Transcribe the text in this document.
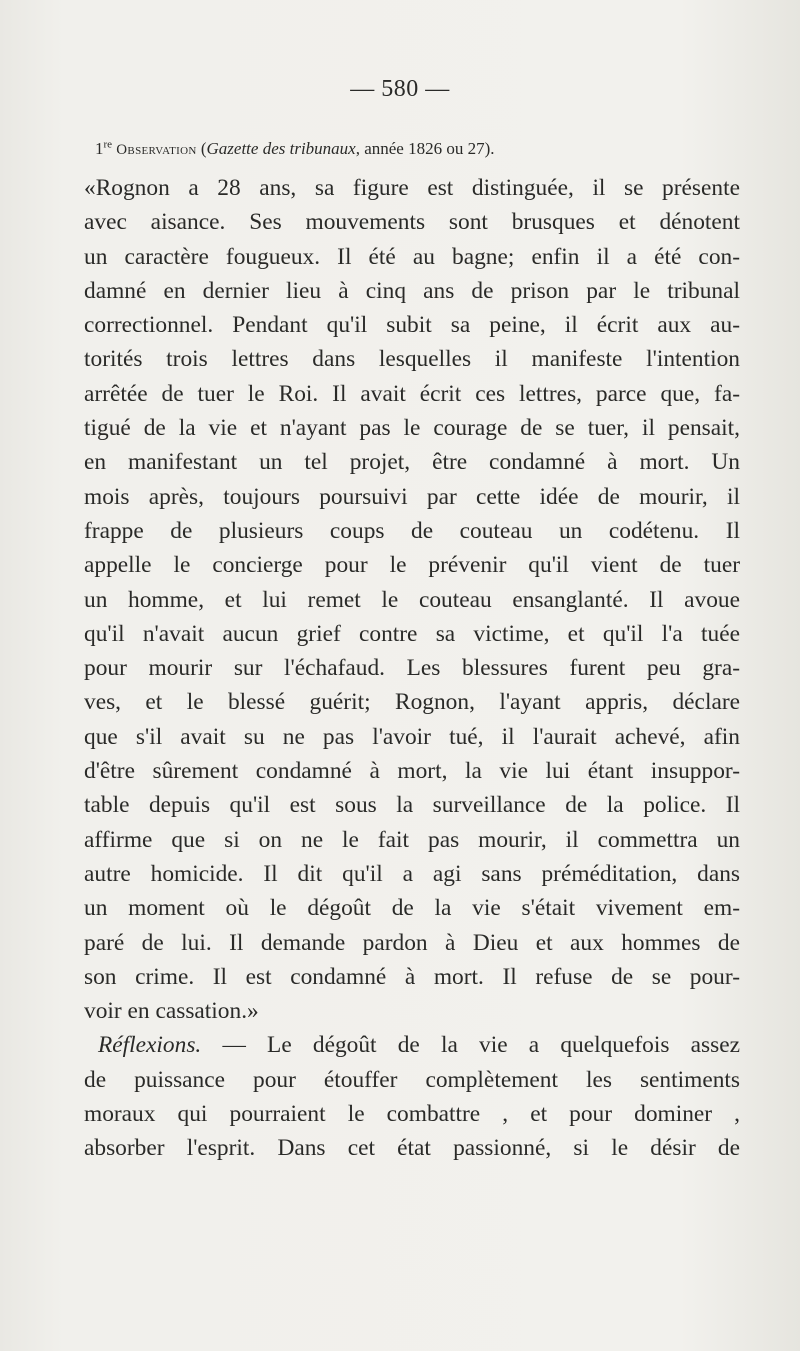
— 580 —
1re Observation (Gazette des tribunaux, année 1826 ou 27).
«Rognon a 28 ans, sa figure est distinguée, il se présente
avec aisance. Ses mouvements sont brusques et dénotent
un caractère fougueux. Il été au bagne; enfin il a été con-
damné en dernier lieu à cinq ans de prison par le tribunal
correctionnel. Pendant qu'il subit sa peine, il écrit aux au-
torités trois lettres dans lesquelles il manifeste l'intention
arrêtée de tuer le Roi. Il avait écrit ces lettres, parce que, fa-
tigué de la vie et n'ayant pas le courage de se tuer, il pensait,
en manifestant un tel projet, être condamné à mort. Un
mois après, toujours poursuivi par cette idée de mourir, il
frappe de plusieurs coups de couteau un codétenu. Il
appelle le concierge pour le prévenir qu'il vient de tuer
un homme, et lui remet le couteau ensanglanté. Il avoue
qu'il n'avait aucun grief contre sa victime, et qu'il l'a tuée
pour mourir sur l'échafaud. Les blessures furent peu gra-
ves, et le blessé guérit; Rognon, l'ayant appris, déclare
que s'il avait su ne pas l'avoir tué, il l'aurait achevé, afin
d'être sûrement condamné à mort, la vie lui étant insuppor-
table depuis qu'il est sous la surveillance de la police. Il
affirme que si on ne le fait pas mourir, il commettra un
autre homicide. Il dit qu'il a agi sans préméditation, dans
un moment où le dégoût de la vie s'était vivement em-
paré de lui. Il demande pardon à Dieu et aux hommes de
son crime. Il est condamné à mort. Il refuse de se pour-
voir en cassation.»
Réflexions. — Le dégoût de la vie a quelquefois assez
de puissance pour étouffer complètement les sentiments
moraux qui pourraient le combattre , et pour dominer ,
absorber l'esprit. Dans cet état passionné, si le désir de
